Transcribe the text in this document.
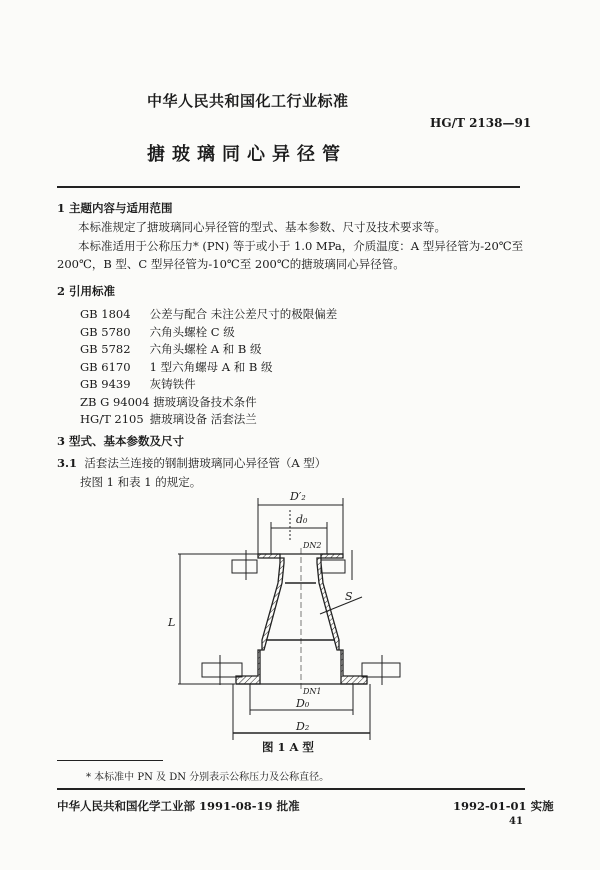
中华人民共和国化工行业标准
HG/T 2138—91
搪玻璃同心异径管
1 主题内容与适用范围
本标准规定了搪玻璃同心异径管的型式、基本参数、尺寸及技术要求等。
本标准适用于公称压力* (PN) 等于或小于 1.0 MPa，介质温度：A 型异径管为-20℃至
200℃，B 型、C 型异径管为-10℃至 200℃的搪玻璃同心异径管。
2 引用标准
GB 1804 公差与配合 未注公差尺寸的极限偏差
GB 5780 六角头螺栓 C 级
GB 5782 六角头螺栓 A 和 B 级
GB 6170 1 型六角螺母 A 和 B 级
GB 9439 灰铸铁件
ZB G 94004 搪玻璃设备技术条件
HG/T 2105 搪玻璃设备 活套法兰
3 型式、基本参数及尺寸
3.1 活套法兰连接的钢制搪玻璃同心异径管（A 型）
按图 1 和表 1 的规定。
D′₂
d₀
DN2
S
L
DN1
D₀
D₂
图 1 A 型
* 本标准中 PN 及 DN 分别表示公称压力及公称直径。
中华人民共和国化学工业部 1991-08-19 批准	1992-01-01 实施
41
